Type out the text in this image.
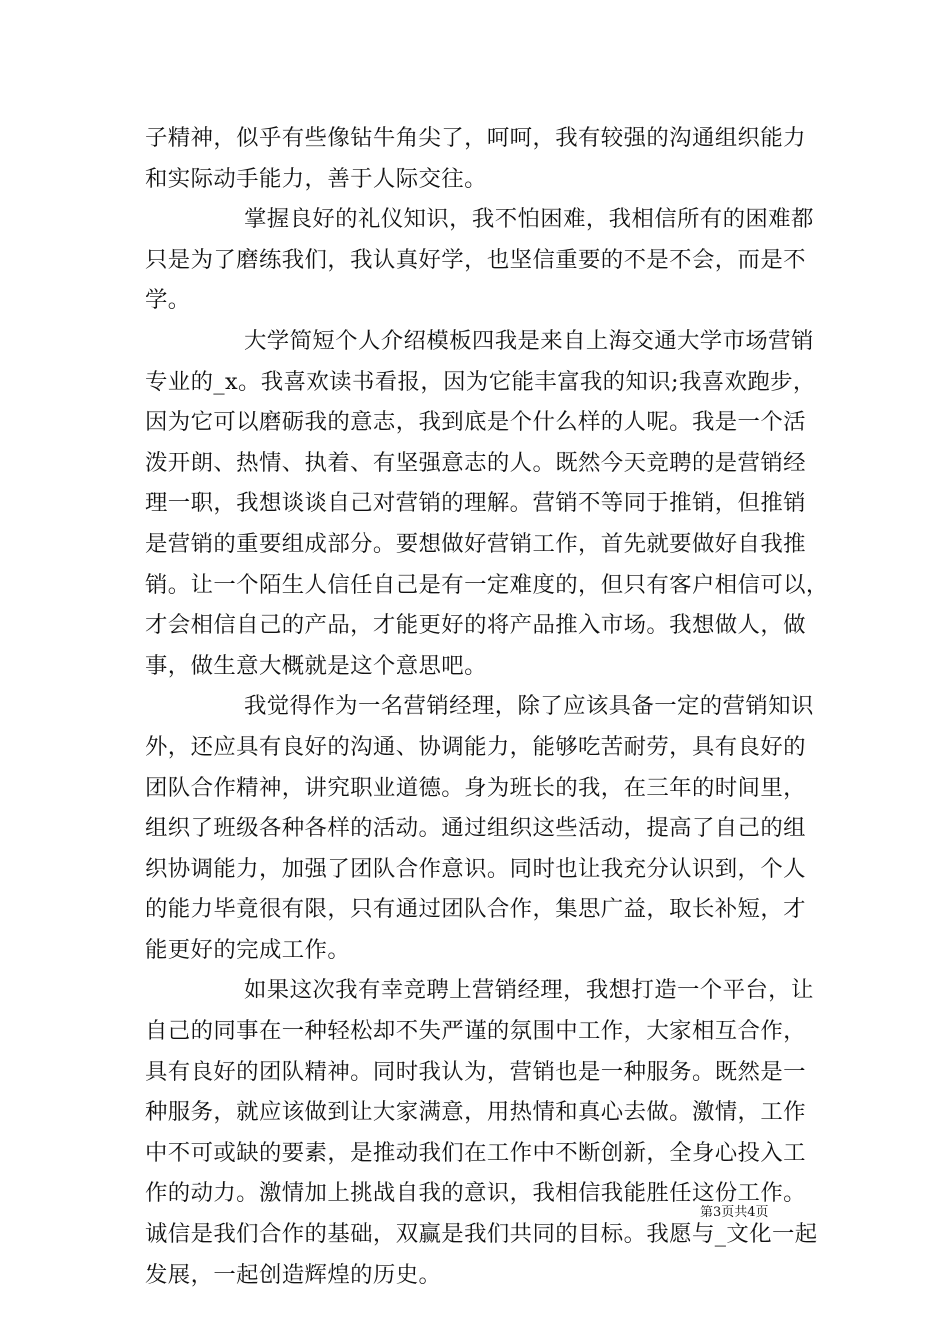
子精神，似乎有些像钻牛角尖了，呵呵，我有较强的沟通组织能力
和实际动手能力，善于人际交往。
掌握良好的礼仪知识，我不怕困难，我相信所有的困难都
只是为了磨练我们，我认真好学，也坚信重要的不是不会，而是不
学。
大学简短个人介绍模板四我是来自上海交通大学市场营销
专业的_x。我喜欢读书看报，因为它能丰富我的知识;我喜欢跑步，
因为它可以磨砺我的意志，我到底是个什么样的人呢。我是一个活
泼开朗、热情、执着、有坚强意志的人。既然今天竞聘的是营销经
理一职，我想谈谈自己对营销的理解。营销不等同于推销，但推销
是营销的重要组成部分。要想做好营销工作，首先就要做好自我推
销。让一个陌生人信任自己是有一定难度的，但只有客户相信可以，
才会相信自己的产品，才能更好的将产品推入市场。我想做人，做
事，做生意大概就是这个意思吧。
我觉得作为一名营销经理，除了应该具备一定的营销知识
外，还应具有良好的沟通、协调能力，能够吃苦耐劳，具有良好的
团队合作精神，讲究职业道德。身为班长的我，在三年的时间里，
组织了班级各种各样的活动。通过组织这些活动，提高了自己的组
织协调能力，加强了团队合作意识。同时也让我充分认识到，个人
的能力毕竟很有限，只有通过团队合作，集思广益，取长补短，才
能更好的完成工作。
如果这次我有幸竞聘上营销经理，我想打造一个平台，让
自己的同事在一种轻松却不失严谨的氛围中工作，大家相互合作，
具有良好的团队精神。同时我认为，营销也是一种服务。既然是一
种服务，就应该做到让大家满意，用热情和真心去做。激情，工作
中不可或缺的要素，是推动我们在工作中不断创新，全身心投入工
作的动力。激情加上挑战自我的意识，我相信我能胜任这份工作。
诚信是我们合作的基础，双赢是我们共同的目标。我愿与_文化一起
发展，一起创造辉煌的历史。
第3页共4页
